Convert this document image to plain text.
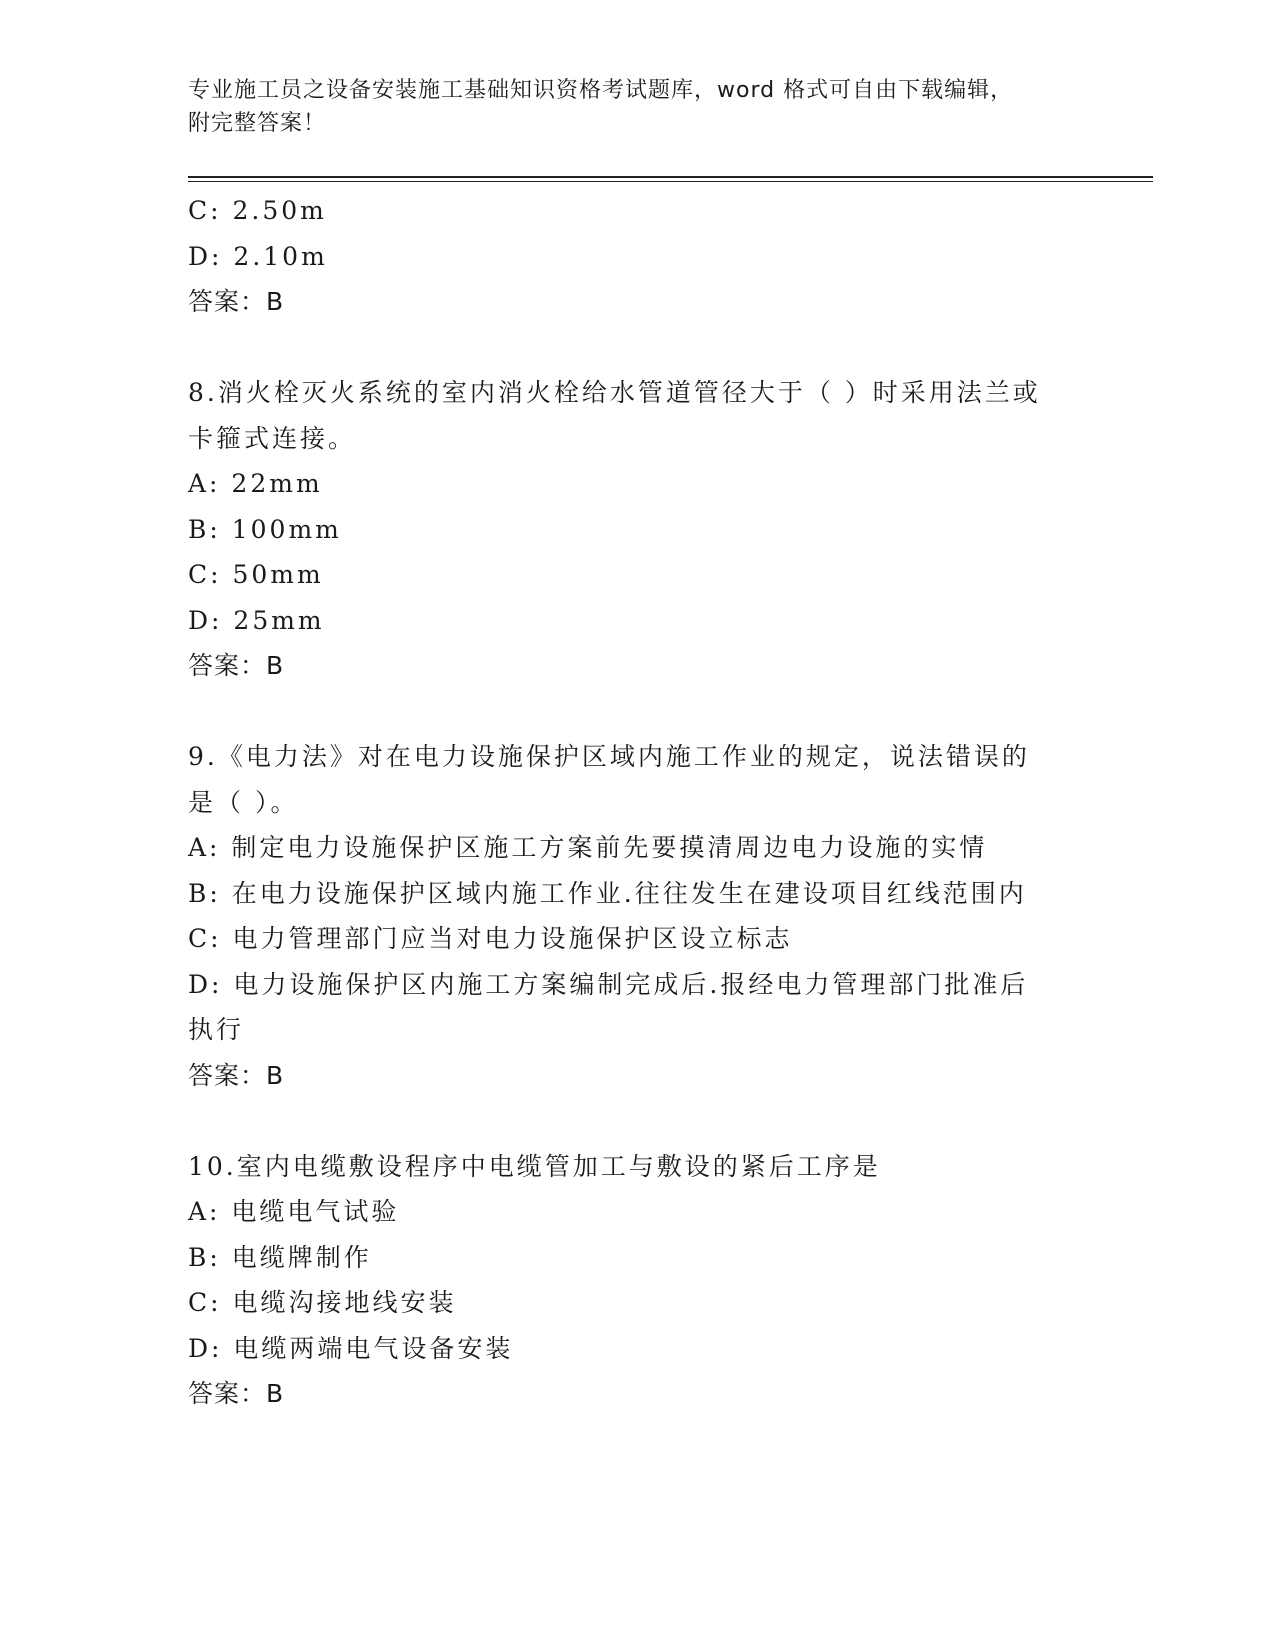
专业施工员之设备安装施工基础知识资格考试题库，word 格式可自由下载编辑，
附完整答案！
C: 2.50m
D: 2.10m
答案：B
8.消火栓灭火系统的室内消火栓给水管道管径大于（ ）时采用法兰或
卡箍式连接。
A: 22mm
B: 100mm
C: 50mm
D: 25mm
答案：B
9.《电力法》对在电力设施保护区域内施工作业的规定，说法错误的
是（ ）。
A: 制定电力设施保护区施工方案前先要摸清周边电力设施的实情
B: 在电力设施保护区域内施工作业.往往发生在建设项目红线范围内
C: 电力管理部门应当对电力设施保护区设立标志
D: 电力设施保护区内施工方案编制完成后.报经电力管理部门批准后
执行
答案：B
10.室内电缆敷设程序中电缆管加工与敷设的紧后工序是
A: 电缆电气试验
B: 电缆牌制作
C: 电缆沟接地线安装
D: 电缆两端电气设备安装
答案：B
